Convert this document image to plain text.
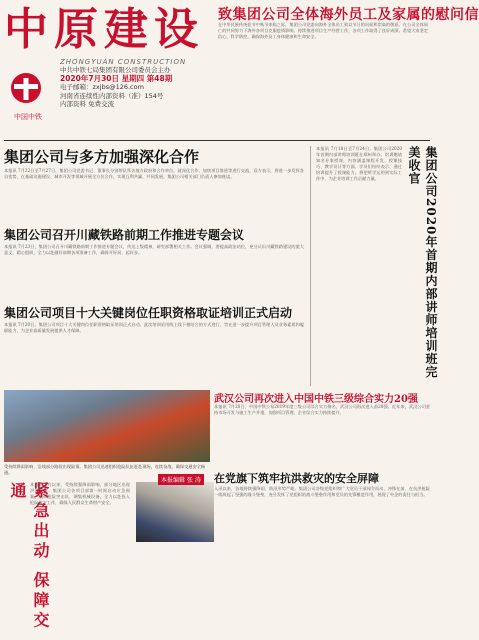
中原建设
ZHONGYUAN CONSTRUCTION
中国中铁
中共中铁七局集团有限公司委员会主办
2020年7月30日 星期四 第48期
电子邮箱：zxjbs@126.com
河南省连续性内部资料（准）154号
内部资料 免费交流
致集团公司全体海外员工及家属的慰问信
在中华民族传统佳节中秋节来临之际，集团公司党委向海外全体员工致以节日的问候和崇高的敬意。在公司全体同仁的共同努力下海外各项目克服疫情影响，持续推进项目生产经营工作，各项工作取得了良好成绩。希望大家坚定信心，科学防控，确保海外员工身体健康和生命安全。
集团公司与多方加强深化合作
本报讯 7月22日至7月27日，集团公司党委书记、董事长分别带队拜访地方政府和合作单位，就深化合作、加快项目推进等进行交流。双方表示，将进一步发挥各自优势，在基础设施建设、城市开发等领域开展全方位合作，实现互利共赢、共同发展。集团公司相关部门负责人参加座谈。
集团公司召开川藏铁路前期工作推进专题会议
本报讯 7月23日，集团公司召开川藏铁路前期工作推进专题会议，传达上级精神，研究部署相关工作。会议强调，要提高政治站位，充分认识川藏铁路建设的重大意义，精心组织，全力以赴做好前期各项准备工作，确保开好局、起好步。
集团公司项目十大关键岗位任职资格取证培训正式启动
本报讯 7月20日，集团公司项目十大关键岗位任职资格取证培训正式启动。此次培训采用线上线下相结合的方式进行，旨在进一步提升项目管理人员业务素质和履职能力，为企业高质量发展提供人才保障。
本报讯 7月18日至7月24日，集团公司2020年首期内部讲师培训班在郑州举办。培训邀请知名专家授课，内容涵盖课程开发、授课技巧、教学设计等方面。学员们纷纷表示，通过培训提升了授课能力，将把所学运用到实际工作中，为企业培训工作贡献力量。	集团公司2020年首期内部讲师培训班完美收官
武汉公司再次进入中国中铁三级综合实力20强
本报讯 7月20日，中国中铁公布2019年度三级公司综合实力排名，武汉公司再次进入前20强。近年来，武汉公司坚持市场开发与施工生产并重，加强项目管理，企业综合实力持续提升。
受持续降雨影响，沿线部分路段出现险情。集团公司迅速组织抢险队伍赶赴现场，连续奋战，确保交通安全畅通。
紧急出动 保障交通 本报讯 7月以来，受持续强降雨影响，部分地区出现洪涝灾害。集团公司各项目部第一时间启动应急预案，组织抢险突击队，调集机械设备，全力以赴投入抢险救灾工作，确保人民群众生命财产安全。
本报编辑 张 涛 在党旗下筑牢抗洪救灾的安全屏障
入汛以来，各地持续强降雨，防汛形势严峻。集团公司各级党组织和广大党员干部闻令而动，冲锋在前，在抗洪抢险一线筑起了坚强的战斗堡垒，充分发挥了党组织的战斗堡垒作用和党员的先锋模范作用，展现了央企的责任与担当。
